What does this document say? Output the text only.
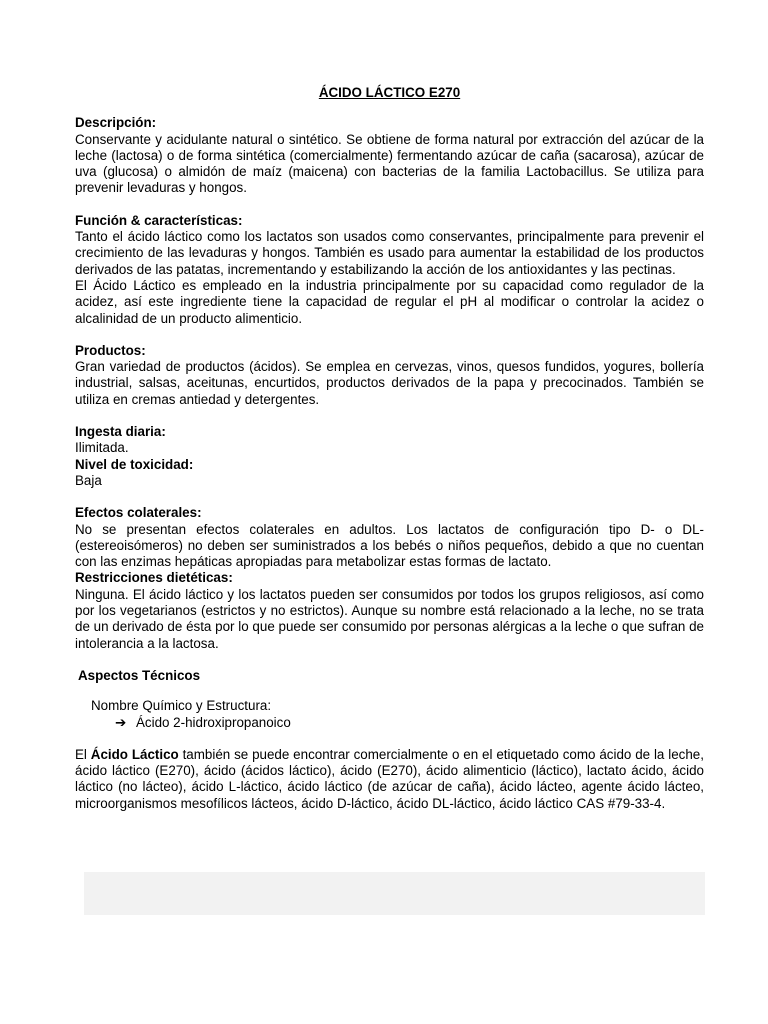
ÁCIDO LÁCTICO E270
Descripción:

Conservante y acidulante natural o sintético. Se obtiene de forma natural por extracción del azúcar de la leche (lactosa) o de forma sintética (comercialmente) fermentando azúcar de caña (sacarosa), azúcar de uva (glucosa) o almidón de maíz (maicena) con bacterias de la familia Lactobacillus. Se utiliza para prevenir levaduras y hongos.

Función & características:

Tanto el ácido láctico como los lactatos son usados como conservantes, principalmente para prevenir el crecimiento de las levaduras y hongos. También es usado para aumentar la estabilidad de los productos derivados de las patatas, incrementando y estabilizando la acción de los antioxidantes y las pectinas.

El Ácido Láctico es empleado en la industria principalmente por su capacidad como regulador de la acidez, así este ingrediente tiene la capacidad de regular el pH al modificar o controlar la acidez o alcalinidad de un producto alimenticio.

Productos:

Gran variedad de productos (ácidos). Se emplea en cervezas, vinos, quesos fundidos, yogures, bollería industrial, salsas, aceitunas, encurtidos, productos derivados de la papa y precocinados. También se utiliza en cremas antiedad y detergentes.

Ingesta diaria:

Ilimitada.

Nivel de toxicidad:

Baja

Efectos colaterales:

No se presentan efectos colaterales en adultos. Los lactatos de configuración tipo D- o DL- (estereoisómeros) no deben ser suministrados a los bebés o niños pequeños, debido a que no cuentan con las enzimas hepáticas apropiadas para metabolizar estas formas de lactato.

Restricciones dietéticas:

Ninguna. El ácido láctico y los lactatos pueden ser consumidos por todos los grupos religiosos, así como por los vegetarianos (estrictos y no estrictos). Aunque su nombre está relacionado a la leche, no se trata de un derivado de ésta por lo que puede ser consumido por personas alérgicas a la leche o que sufran de intolerancia a la lactosa.

Aspectos Técnicos

Nombre Químico y Estructura:

➔ Ácido 2-hidroxipropanoico

El Ácido Láctico también se puede encontrar comercialmente o en el etiquetado como ácido de la leche, ácido láctico (E270), ácido (ácidos láctico), ácido (E270), ácido alimenticio (láctico), lactato ácido, ácido láctico (no lácteo), ácido L-láctico, ácido láctico (de azúcar de caña), ácido lácteo, agente ácido lácteo, microorganismos mesofílicos lácteos, ácido D-láctico, ácido DL-láctico, ácido láctico CAS #79-33-4.
